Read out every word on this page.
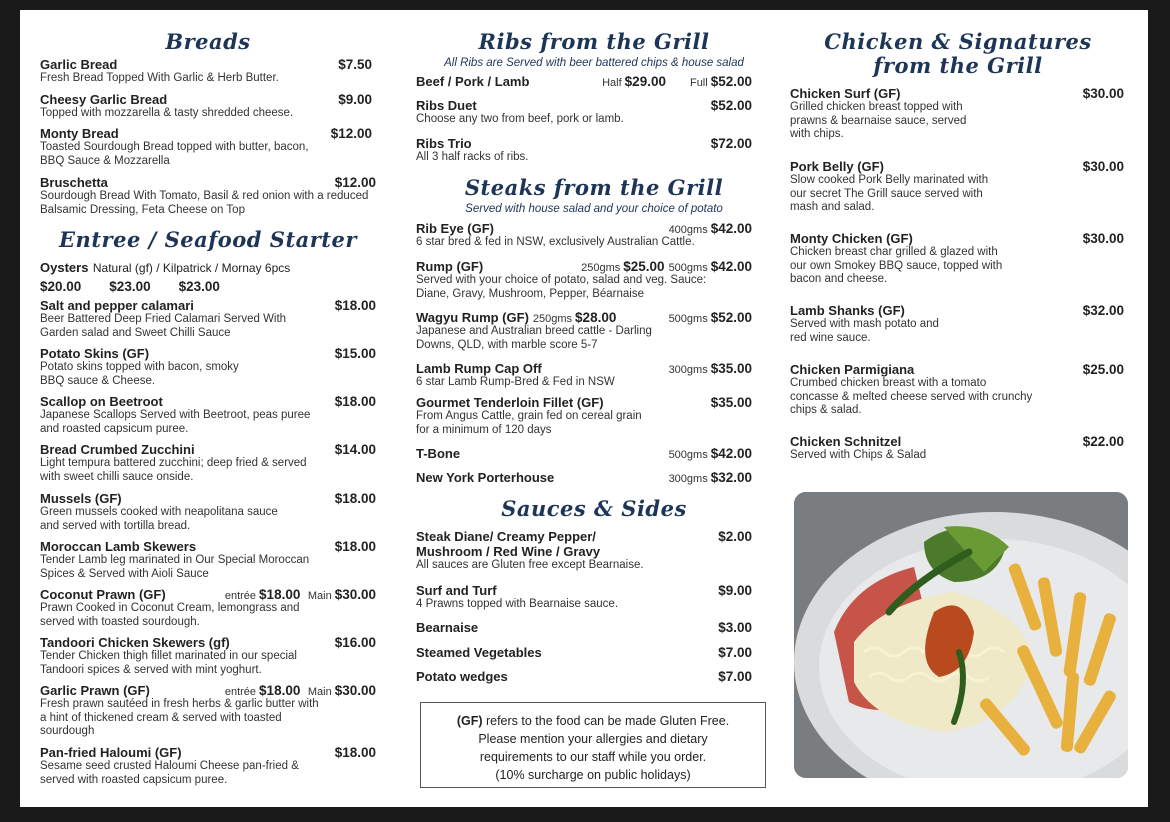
Breads
Garlic Bread	$7.50
Fresh Bread Topped With Garlic & Herb Butter.
Cheesy Garlic Bread	$9.00
Topped with mozzarella & tasty shredded cheese.
Monty Bread	$12.00
Toasted Sourdough Bread topped with butter, bacon, BBQ Sauce & Mozzarella
Bruschetta	$12.00
Sourdough Bread With Tomato, Basil & red onion with a reduced Balsamic Dressing, Feta Cheese on Top
Entree / Seafood Starter
Oysters Natural (gf) / Kilpatrick / Mornay 6pcs
$20.00 $23.00 $23.00
Salt and pepper calamari	$18.00
Beer Battered Deep Fried Calamari Served With Garden salad and Sweet Chilli Sauce
Potato Skins (GF)	$15.00
Potato skins topped with bacon, smoky BBQ sauce & Cheese.
Scallop on Beetroot	$18.00
Japanese Scallops Served with Beetroot, peas puree and roasted capsicum puree.
Bread Crumbed Zucchini	$14.00
Light tempura battered zucchini; deep fried & served with sweet chilli sauce onside.
Mussels (GF)	$18.00
Green mussels cooked with neapolitana sauce and served with tortilla bread.
Moroccan Lamb Skewers	$18.00
Tender Lamb leg marinated in Our Special Moroccan Spices & Served with Aioli Sauce
Coconut Prawn (GF)	entrée $18.00 Main $30.00
Prawn Cooked in Coconut Cream, lemongrass and served with toasted sourdough.
Tandoori Chicken Skewers (gf)	$16.00
Tender Chicken thigh fillet marinated in our special Tandoori spices & served with mint yoghurt.
Garlic Prawn (GF)	entrée $18.00 Main $30.00
Fresh prawn sautéed in fresh herbs & garlic butter with a hint of thickened cream & served with toasted sourdough
Pan-fried Haloumi (GF)	$18.00
Sesame seed crusted Haloumi Cheese pan-fried & served with roasted capsicum puree.
Ribs from the Grill
All Ribs are Served with beer battered chips & house salad
Beef / Pork / Lamb	Half $29.00 Full $52.00
Ribs Duet	$52.00
Choose any two from beef, pork or lamb.
Ribs Trio	$72.00
All 3 half racks of ribs.
Steaks from the Grill
Served with house salad and your choice of potato
Rib Eye (GF)	400gms $42.00
6 star bred & fed in NSW, exclusively Australian Cattle.
Rump (GF)	250gms $25.00 500gms $42.00
Served with your choice of potato, salad and veg. Sauce: Diane, Gravy, Mushroom, Pepper, Béarnaise
Wagyu Rump (GF) 250gms $28.00	500gms $52.00
Japanese and Australian breed cattle - Darling Downs, QLD, with marble score 5-7
Lamb Rump Cap Off	300gms $35.00
6 star Lamb Rump-Bred & Fed in NSW
Gourmet Tenderloin Fillet (GF)	$35.00
From Angus Cattle, grain fed on cereal grain for a minimum of 120 days
T-Bone	500gms $42.00
New York Porterhouse	300gms $32.00
Sauces & Sides
Steak Diane/ Creamy Pepper/	$2.00
Mushroom / Red Wine / Gravy
All sauces are Gluten free except Bearnaise.
Surf and Turf	$9.00
4 Prawns topped with Bearnaise sauce.
Bearnaise	$3.00
Steamed Vegetables	$7.00
Potato wedges	$7.00
(GF) refers to the food can be made Gluten Free.
Please mention your allergies and dietary
requirements to our staff while you order.
(10% surcharge on public holidays)
Chicken & Signatures
from the Grill
Chicken Surf (GF)	$30.00
Grilled chicken breast topped with prawns & bearnaise sauce, served with chips.
Pork Belly (GF)	$30.00
Slow cooked Pork Belly marinated with our secret The Grill sauce served with mash and salad.
Monty Chicken (GF)	$30.00
Chicken breast char grilled & glazed with our own Smokey BBQ sauce, topped with bacon and cheese.
Lamb Shanks (GF)	$32.00
Served with mash potato and red wine sauce.
Chicken Parmigiana	$25.00
Crumbed chicken breast with a tomato concasse & melted cheese served with crunchy chips & salad.
Chicken Schnitzel	$22.00
Served with Chips & Salad
